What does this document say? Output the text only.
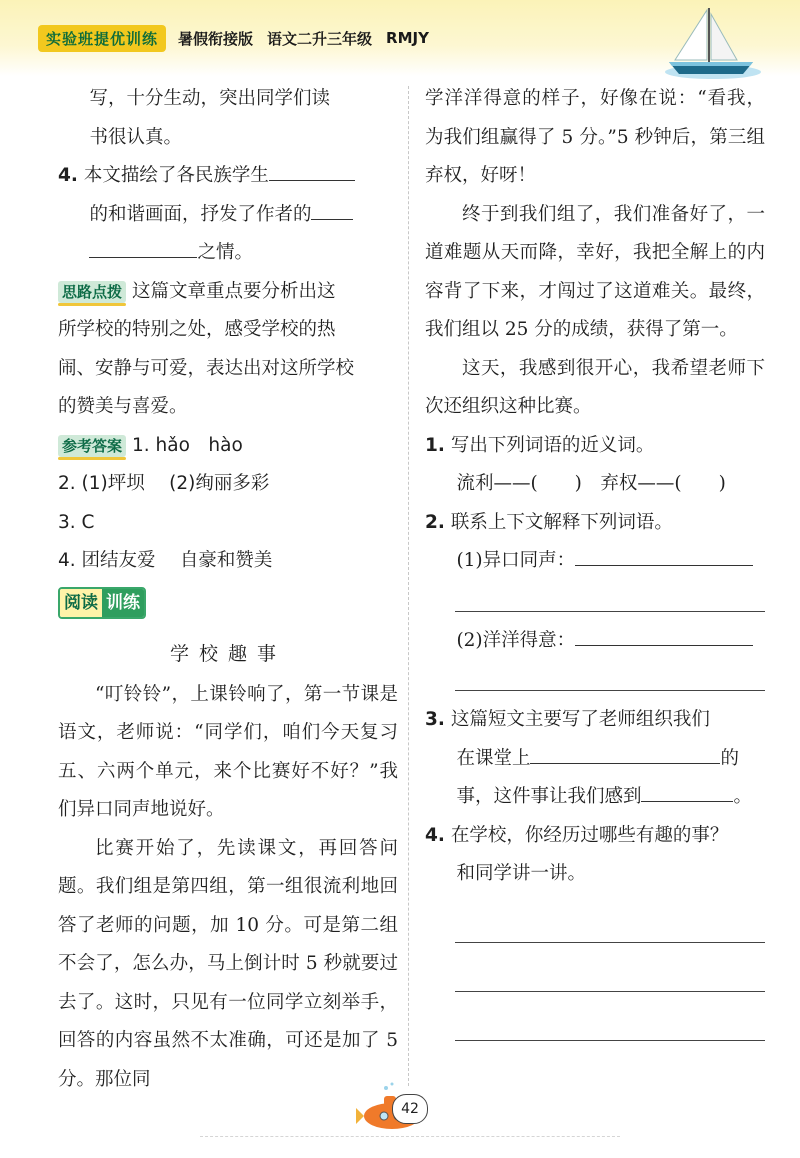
实验班提优训练	暑假衔接版 语文二升三年级 RMJY

写，十分生动，突出同学们读

书很认真。

4. 本文描绘了各民族学生

的和谐画面，抒发了作者的

之情。

思路点拨 这篇文章重点要分析出这

所学校的特别之处，感受学校的热

闹、安静与可爱，表达出对这所学校

的赞美与喜爱。

参考答案 1. hǎo　hào

2. (1)坪坝　 (2)绚丽多彩

3. C

4. 团结友爱　 自豪和赞美

阅读 训练

学校趣事

“叮铃铃”，上课铃响了，第一节课是语文，老师说：“同学们，咱们今天复习五、六两个单元，来个比赛好不好？”我们异口同声地说好。

比赛开始了，先读课文，再回答问题。我们组是第四组，第一组很流利地回答了老师的问题，加 10 分。可是第二组不会了，怎么办，马上倒计时 5 秒就要过去了。这时，只见有一位同学立刻举手，回答的内容虽然不太准确，可还是加了 5 分。那位同

学洋洋得意的样子，好像在说：“看我，为我们组赢得了 5 分。”5 秒钟后，第三组弃权，好呀！

终于到我们组了，我们准备好了，一道难题从天而降，幸好，我把全解上的内容背了下来，才闯过了这道难关。最终，我们组以 25 分的成绩，获得了第一。

这天，我感到很开心，我希望老师下次还组织这种比赛。

1. 写出下列词语的近义词。

流利——(　　)　弃权——(　　)

2. 联系上下文解释下列词语。

(1)异口同声：

(2)洋洋得意：

3. 这篇短文主要写了老师组织我们

在课堂上	的

事，这件事让我们感到	。

4. 在学校，你经历过哪些有趣的事？

和同学讲一讲。

42
